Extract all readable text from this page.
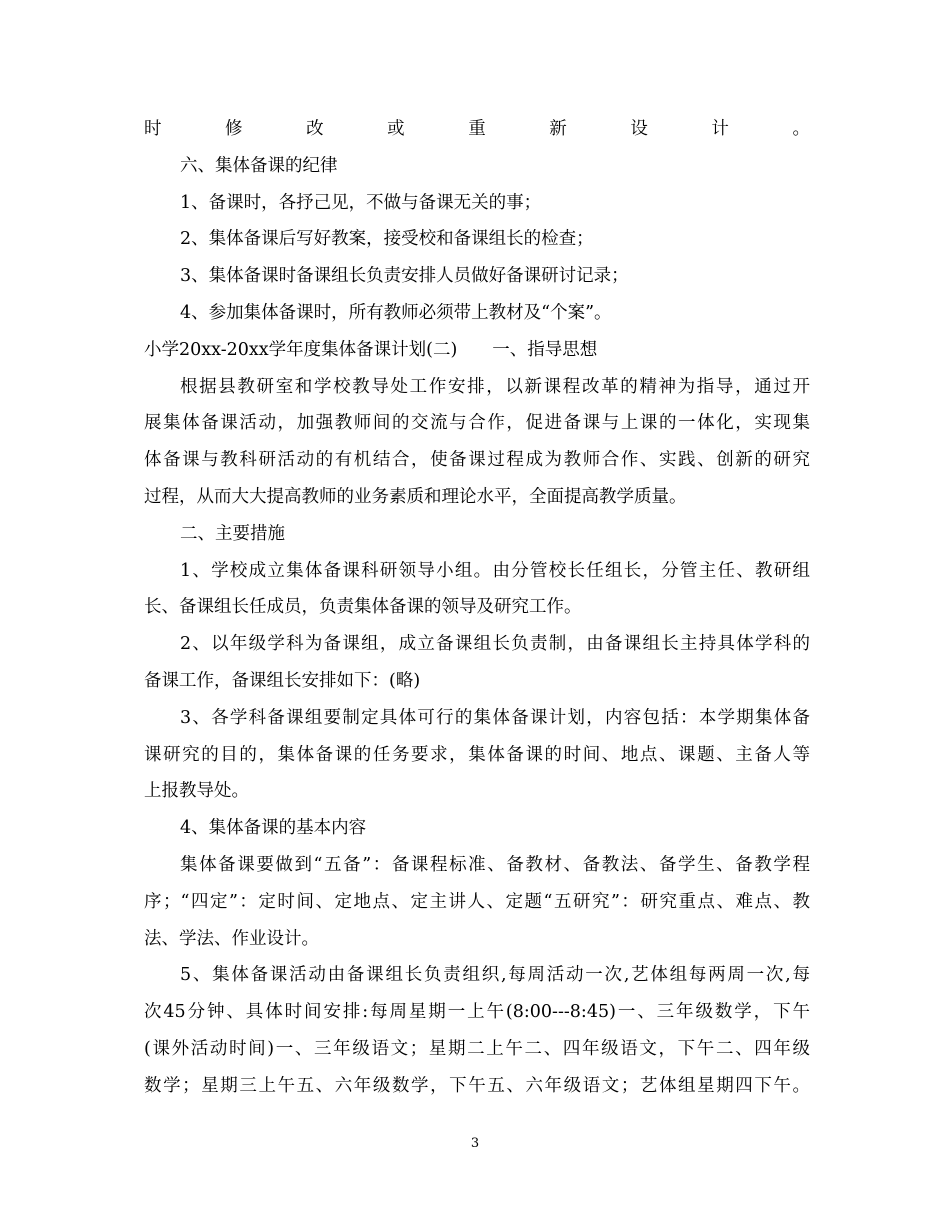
时修改或重新设计。
六、集体备课的纪律
1、备课时，各抒己见，不做与备课无关的事；
2、集体备课后写好教案，接受校和备课组长的检查；
3、集体备课时备课组长负责安排人员做好备课研讨记录；
4、参加集体备课时，所有教师必须带上教材及“个案”。
小学20xx-20xx学年度集体备课计划(二)　　一、指导思想
根据县教研室和学校教导处工作安排，以新课程改革的精神为指导，通过开
展集体备课活动，加强教师间的交流与合作，促进备课与上课的一体化，实现集
体备课与教科研活动的有机结合，使备课过程成为教师合作、实践、创新的研究
过程，从而大大提高教师的业务素质和理论水平，全面提高教学质量。
二、主要措施
1、学校成立集体备课科研领导小组。由分管校长任组长，分管主任、教研组
长、备课组长任成员，负责集体备课的领导及研究工作。
2、以年级学科为备课组，成立备课组长负责制，由备课组长主持具体学科的
备课工作，备课组长安排如下：(略)
3、各学科备课组要制定具体可行的集体备课计划，内容包括：本学期集体备
课研究的目的，集体备课的任务要求，集体备课的时间、地点、课题、主备人等
上报教导处。
4、集体备课的基本内容
集体备课要做到“五备”：备课程标准、备教材、备教法、备学生、备教学程
序；“四定”：定时间、定地点、定主讲人、定题“五研究”：研究重点、难点、教
法、学法、作业设计。
5、集体备课活动由备课组长负责组织,每周活动一次,艺体组每两周一次,每
次45分钟、具体时间安排:每周星期一上午(8:00---8:45)一、三年级数学，下午
(课外活动时间)一、三年级语文；星期二上午二、四年级语文，下午二、四年级
数学；星期三上午五、六年级数学，下午五、六年级语文；艺体组星期四下午。
3
